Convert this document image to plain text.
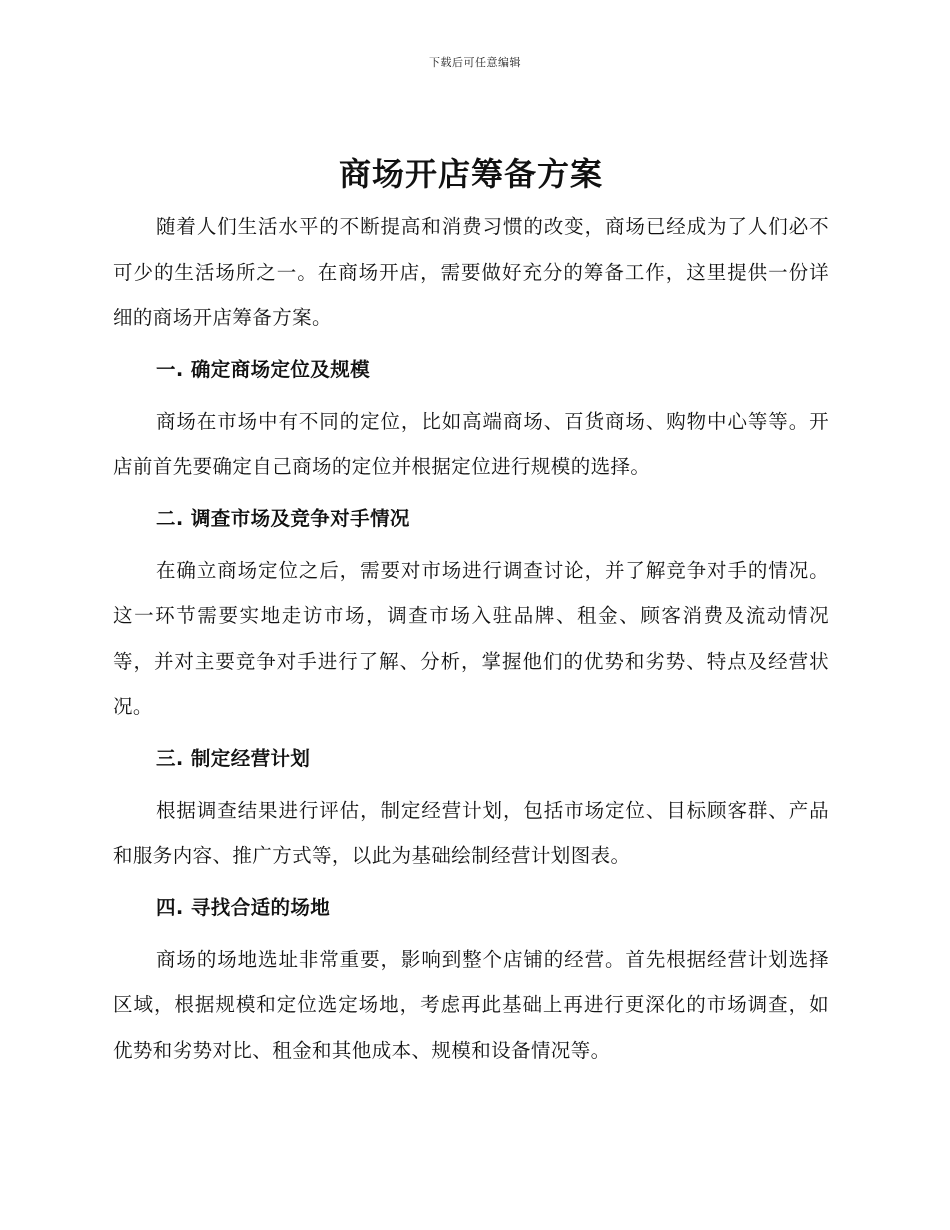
下载后可任意编辑
商场开店筹备方案

随着人们生活水平的不断提高和消费习惯的改变，商场已经成为了人们必不可少的生活场所之一。在商场开店，需要做好充分的筹备工作，这里提供一份详细的商场开店筹备方案。

一. 确定商场定位及规模

商场在市场中有不同的定位，比如高端商场、百货商场、购物中心等等。开店前首先要确定自己商场的定位并根据定位进行规模的选择。

二. 调查市场及竞争对手情况

在确立商场定位之后，需要对市场进行调查讨论，并了解竞争对手的情况。这一环节需要实地走访市场，调查市场入驻品牌、租金、顾客消费及流动情况等，并对主要竞争对手进行了解、分析，掌握他们的优势和劣势、特点及经营状况。

三. 制定经营计划

根据调查结果进行评估，制定经营计划，包括市场定位、目标顾客群、产品和服务内容、推广方式等，以此为基础绘制经营计划图表。

四. 寻找合适的场地

商场的场地选址非常重要，影响到整个店铺的经营。首先根据经营计划选择区域，根据规模和定位选定场地，考虑再此基础上再进行更深化的市场调查，如优势和劣势对比、租金和其他成本、规模和设备情况等。
